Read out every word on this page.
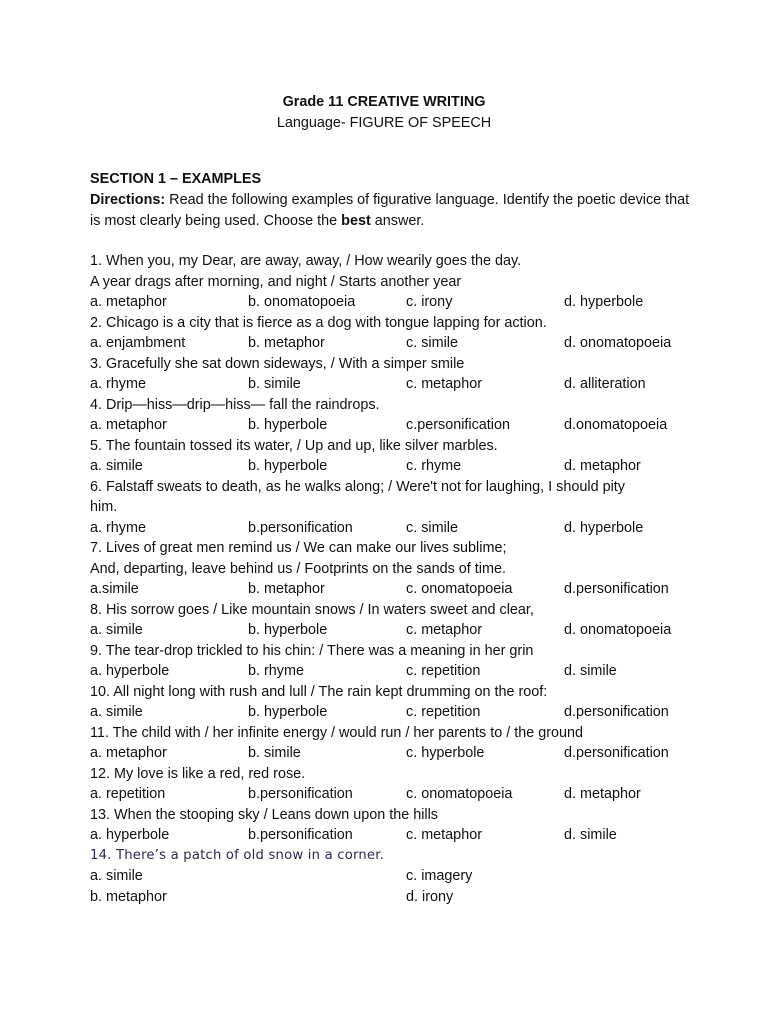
Grade 11 CREATIVE WRITING
Language- FIGURE OF SPEECH
SECTION 1 – EXAMPLES
Directions: Read the following examples of figurative language. Identify the poetic device that is most clearly being used. Choose the best answer.
1. When you, my Dear, are away, away, / How wearily goes the day.
A year drags after morning, and night / Starts another year
a. metaphor	b. onomatopoeia	c. irony	d. hyperbole
2. Chicago is a city that is fierce as a dog with tongue lapping for action.
a. enjambment	b. metaphor	c. simile	d. onomatopoeia
3. Gracefully she sat down sideways, / With a simper smile
a. rhyme	b. simile	c. metaphor	d. alliteration
4. Drip—hiss—drip—hiss— fall the raindrops.
a. metaphor	b. hyperbole	c.personification	d.onomatopoeia
5. The fountain tossed its water, / Up and up, like silver marbles.
a. simile	b. hyperbole	c. rhyme	d. metaphor
6. Falstaff sweats to death, as he walks along; / Were't not for laughing, I should pity
him.
a. rhyme	b.personification	c. simile	d. hyperbole
7. Lives of great men remind us / We can make our lives sublime;
And, departing, leave behind us / Footprints on the sands of time.
a.simile	b. metaphor	c. onomatopoeia	d.personification
8. His sorrow goes / Like mountain snows / In waters sweet and clear,
a. simile	b. hyperbole	c. metaphor	d. onomatopoeia
9. The tear-drop trickled to his chin: / There was a meaning in her grin
a. hyperbole	b. rhyme	c. repetition	d. simile
10. All night long with rush and lull / The rain kept drumming on the roof:
a. simile	b. hyperbole	c. repetition	d.personification
11. The child with / her infinite energy / would run / her parents to / the ground
a. metaphor	b. simile	c. hyperbole	d.personification
12. My love is like a red, red rose.
a. repetition	b.personification	c. onomatopoeia	d. metaphor
13. When the stooping sky / Leans down upon the hills
a. hyperbole	b.personification	c. metaphor	d. simile
14. There’s a patch of old snow in a corner.
a. simile	c. imagery
b. metaphor	d. irony
